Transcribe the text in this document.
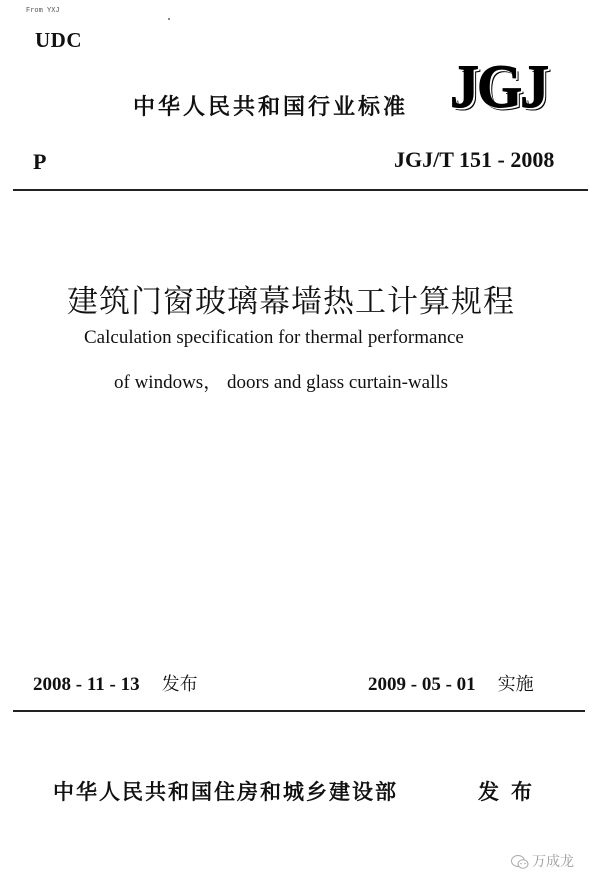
From YXJ
UDC
中华人民共和国行业标准 JGJ
P	JGJ/T 151 - 2008
建筑门窗玻璃幕墙热工计算规程
Calculation specification for thermal performance
of windows， doors and glass curtain-walls
2008 - 11 - 13 发布	2009 - 05 - 01 实施
中华人民共和国住房和城乡建设部	发布
万成龙
